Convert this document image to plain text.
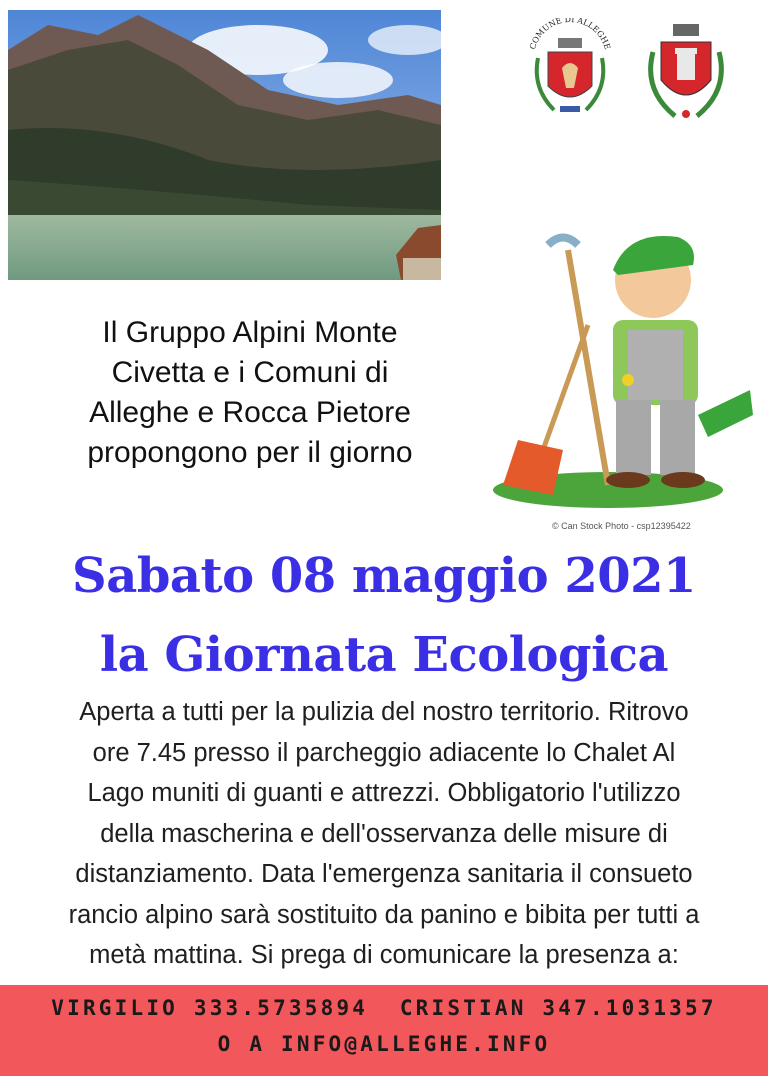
COMUNE DI ALLEGHE
Il Gruppo Alpini Monte
Civetta e i Comuni di
Alleghe e Rocca Pietore
propongono per il giorno
© Can Stock Photo - csp12395422
Sabato 08 maggio 2021
la Giornata Ecologica
Aperta a tutti per la pulizia del nostro territorio. Ritrovo
ore 7.45 presso il parcheggio adiacente lo Chalet Al
Lago muniti di guanti e attrezzi. Obbligatorio l'utilizzo
della mascherina e dell'osservanza delle misure di
distanziamento. Data l'emergenza sanitaria il consueto
rancio alpino sarà sostituito da panino e bibita per tutti a
metà mattina. Si prega di comunicare la presenza a:
VIRGILIO 333.5735894  CRISTIAN 347.1031357
O A INFO@ALLEGHE.INFO
